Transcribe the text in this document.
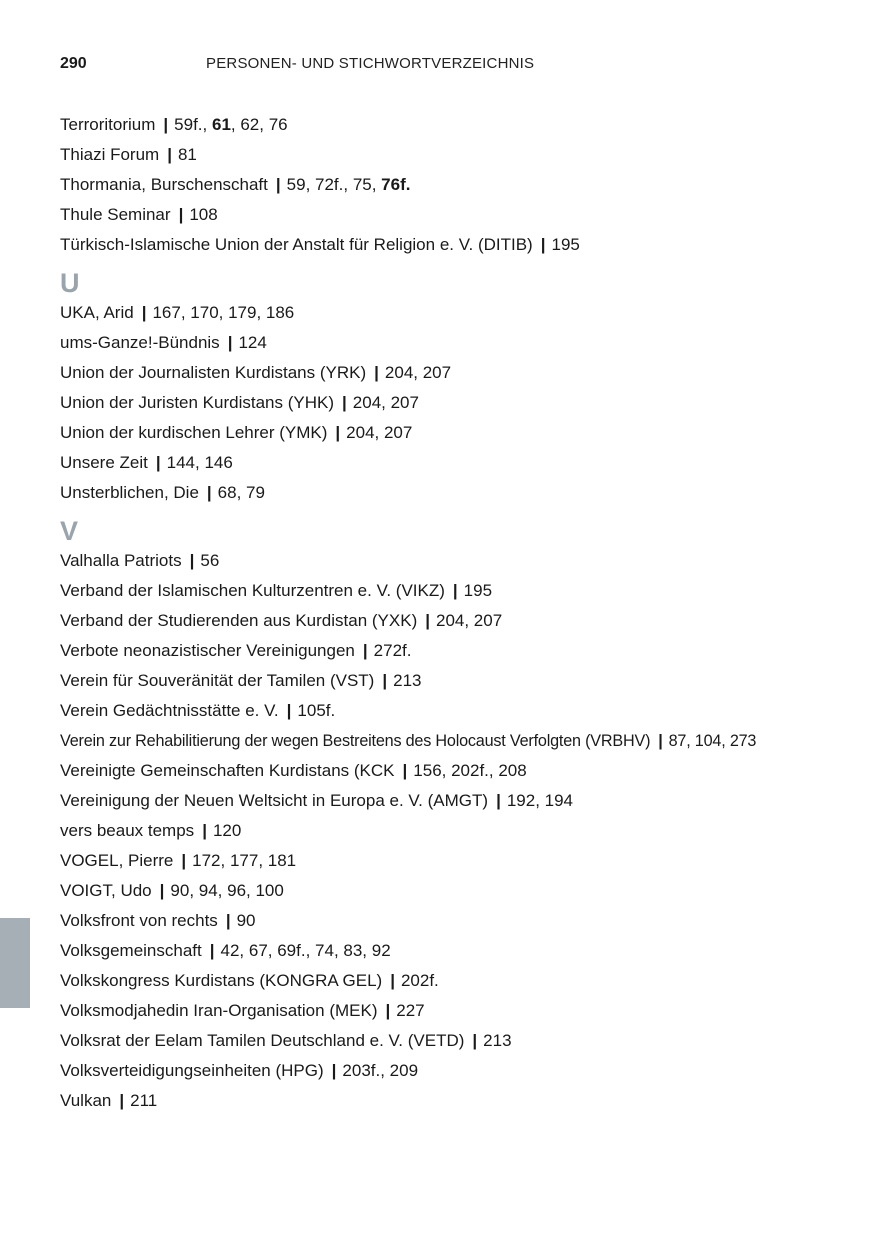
290	PERSONEN- UND STICHWORTVERZEICHNIS
Terroritorium | 59f., 61, 62, 76
Thiazi Forum | 81
Thormania, Burschenschaft | 59, 72f., 75, 76f.
Thule Seminar | 108
Türkisch-Islamische Union der Anstalt für Religion e. V. (DITIB) | 195
U
UKA, Arid | 167, 170, 179, 186
ums-Ganze!-Bündnis | 124
Union der Journalisten Kurdistans (YRK) | 204, 207
Union der Juristen Kurdistans (YHK) | 204, 207
Union der kurdischen Lehrer (YMK) | 204, 207
Unsere Zeit | 144, 146
Unsterblichen, Die | 68, 79
V
Valhalla Patriots | 56
Verband der Islamischen Kulturzentren e. V. (VIKZ) | 195
Verband der Studierenden aus Kurdistan (YXK) | 204, 207
Verbote neonazistischer Vereinigungen | 272f.
Verein für Souveränität der Tamilen (VST) | 213
Verein Gedächtnisstätte e. V. | 105f.
Verein zur Rehabilitierung der wegen Bestreitens des Holocaust Verfolgten (VRBHV) | 87, 104, 273
Vereinigte Gemeinschaften Kurdistans (KCK | 156, 202f., 208
Vereinigung der Neuen Weltsicht in Europa e. V. (AMGT) | 192, 194
vers beaux temps | 120
VOGEL, Pierre | 172, 177, 181
VOIGT, Udo | 90, 94, 96, 100
Volksfront von rechts | 90
Volksgemeinschaft | 42, 67, 69f., 74, 83, 92
Volkskongress Kurdistans (KONGRA GEL) | 202f.
Volksmodjahedin Iran-Organisation (MEK) | 227
Volksrat der Eelam Tamilen Deutschland e. V. (VETD) | 213
Volksverteidigungseinheiten (HPG) | 203f., 209
Vulkan | 211
